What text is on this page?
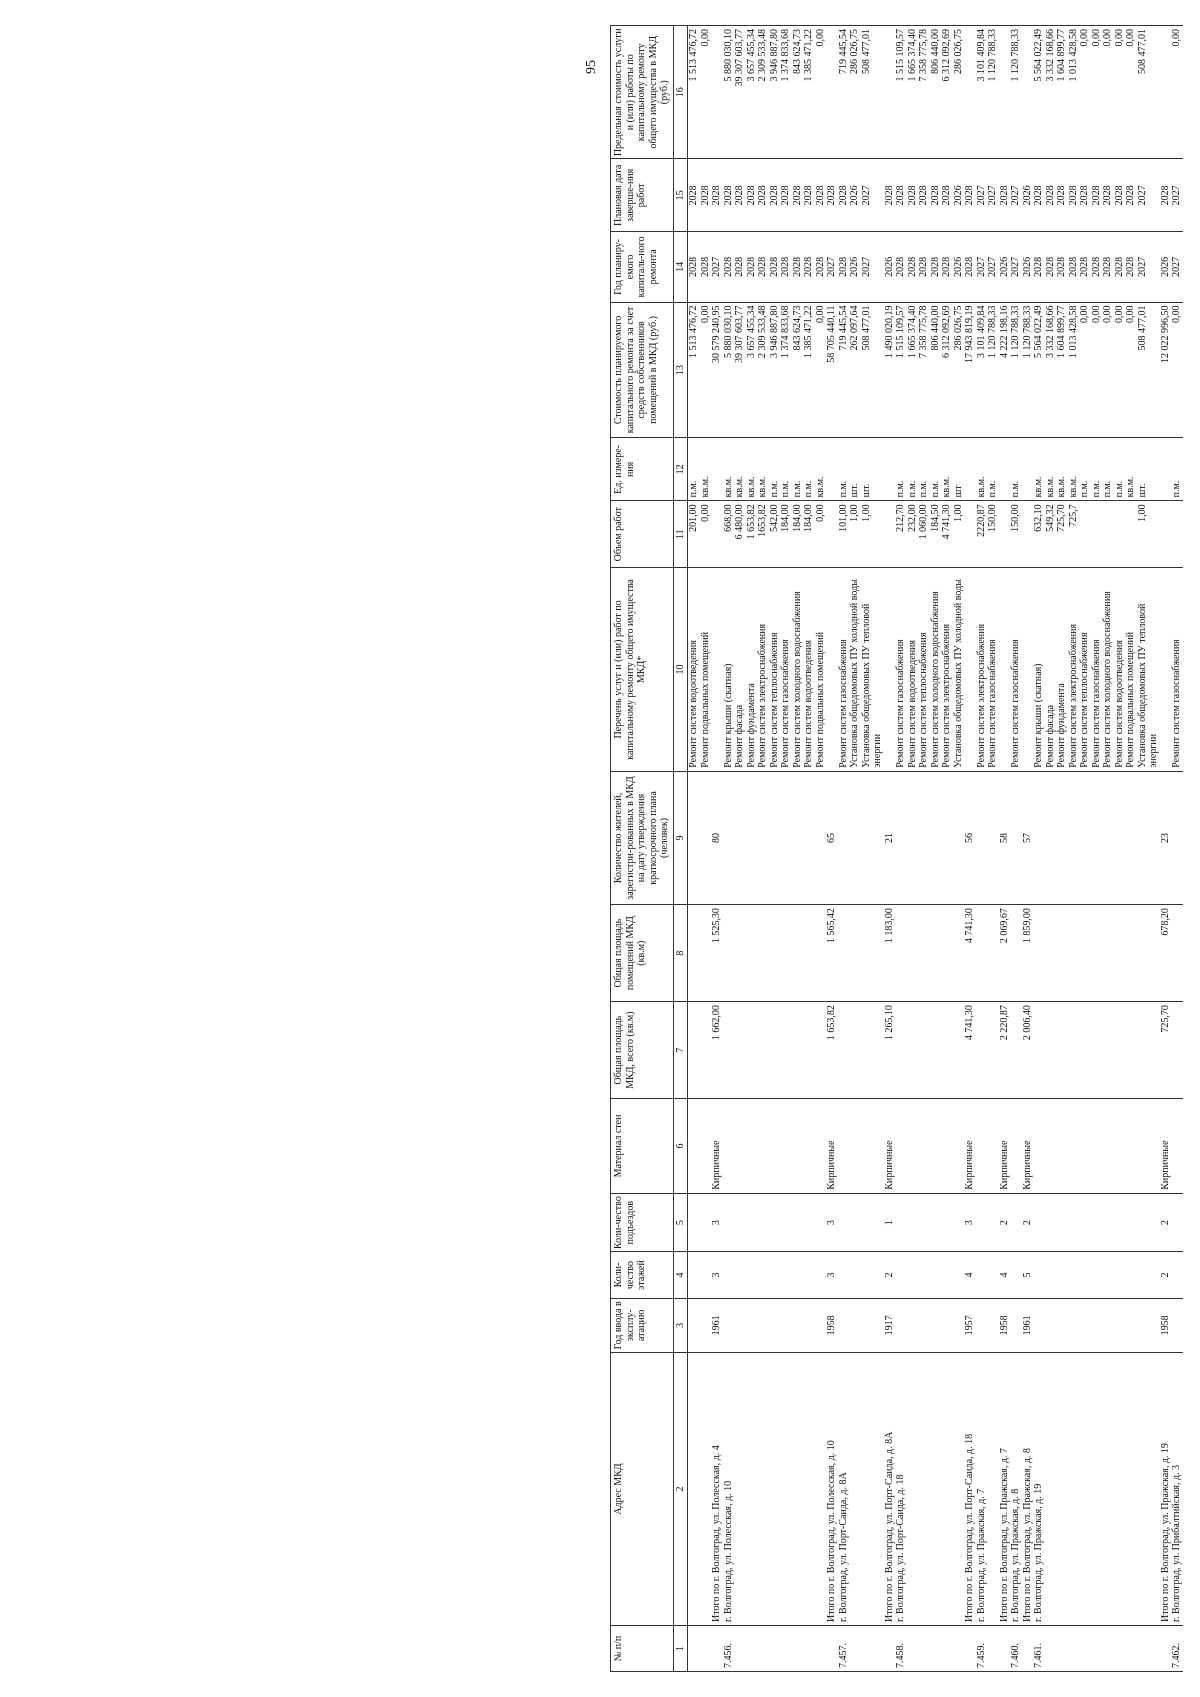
95
№ п/п	Адрес МКД	Год ввода в эксплу-атацию	Коли-чество этажей	Коли-чество подъездов	Материал стен	Общая площадь МКД, всего (кв.м)	Общая площадь помещений МКД (кв.м)	Количество жителей, зарегистри-рованных в МКД на дату утверждения краткосрочного плана (человек)	Перечень услуг и (или) работ по капитальному ремонту общего имущества МКД*	Объем работ	Ед. измере-ния	Стоимость планируемого капитального ремонта за счет средств собственников помещений в МКД (руб.)	Год планиру-емого капиталь-ного ремонта	Плановая дата заверше-ния работ	Предельная стоимость услуги и (или) работы по капитальному ремонту общего имущества в МКД (руб.)
1	2	3	4	5	6	7	8	9	10	11	12	13	14	15	16
									Ремонт систем водоотведения	201,00	п.м.	1 513 476,72	2028	2028	1 513 476,72
									Ремонт подвальных помещений	0,00	кв.м.	0,00	2028	2028	0,00
	Итого по г. Волгоград, ул. Полесская, д. 4	1961	3	3	Кирпичные	1 662,00	1 525,30	80				30 579 240,95	2027	2028	
7.456.	г. Волгоград, ул. Полесская, д. 10								Ремонт крыши (скатная)	668,00	кв.м.	5 880 030,10	2028	2028	5 880 030,10
									Ремонт фасада	6 480,00	кв.м.	39 307 603,77	2028	2028	39 307 603,77
									Ремонт фундамента	1 653,82	кв.м.	3 657 455,34	2028	2028	3 657 455,34
									Ремонт систем электроснабжения	1653,82	кв.м.	2 309 533,48	2028	2028	2 309 533,48
									Ремонт систем теплоснабжения	542,00	п.м.	3 946 887,80	2028	2028	3 946 887,80
									Ремонт систем газоснабжения	184,00	п.м.	1 374 833,68	2028	2028	1 374 833,68
									Ремонт систем холодного водоснабжения	184,00	п.м.	843 624,73	2028	2028	843 624,73
									Ремонт систем водоотведения	184,00	п.м.	1 385 471,22	2028	2028	1 385 471,22
									Ремонт подвальных помещений	0,00	кв.м.	0,00	2028	2028	0,00
	Итого по г. Волгоград, ул. Полесская, д. 10	1958	3	3	Кирпичные	1 653,82	1 565,42	65				58 705 440,11	2027	2028	
7.457.	г. Волгоград, ул. Порт-Саида, д. 8А								Ремонт систем газоснабжения	101,00	п.м.	719 445,54	2028	2028	719 445,54
									Установка общедомовых ПУ холодной воды	1,00	шт.	262 097,64	2026	2026	286 026,75
									Установка общедомовых ПУ тепловой энергии	1,00	шт.	508 477,01	2027	2027	508 477,01
	Итого по г. Волгоград, ул. Порт-Саида, д. 8А	1917	2	1	Кирпичные	1 265,10	1 183,00	21				1 490 020,19	2026	2028	
7.458.	г. Волгоград, ул. Порт-Саида, д. 18								Ремонт систем газоснабжения	212,70	п.м.	1 515 109,57	2028	2028	1 515 109,57
									Ремонт систем водоотведения	232,00	п.м.	1 665 374,40	2028	2028	1 665 374,40
									Ремонт систем теплоснабжения	1 060,00	п.м.	7 358 775,78	2028	2028	7 358 775,78
									Ремонт систем холодного водоснабжения	184,50	п.м.	806 440,00	2028	2028	806 440,00
									Ремонт систем электроснабжения	4 741,30	кв.м.	6 312 092,69	2028	2028	6 312 092,69
									Установка общедомовых ПУ холодной воды	1,00	шт	286 026,75	2026	2026	286 026,75
	Итого по г. Волгоград, ул. Порт-Саида, д. 18	1957	4	3	Кирпичные	4 741,30	4 741,30	56				17 943 819,19	2028	2028	
7.459.	г. Волгоград, ул. Пражская, д. 7								Ремонт систем электроснабжения	2220,87	кв.м.	3 101 409,84	2027	2027	3 101 409,84
									Ремонт систем газоснабжения	150,00	п.м.	1 120 788,33	2027	2027	1 120 788,33
	Итого по г. Волгоград, ул. Пражская, д. 7	1958	4	2	Кирпичные	2 220,87	2 069,67	58				4 222 198,16	2026	2028	
7.460.	г. Волгоград, ул. Пражская, д. 8								Ремонт систем газоснабжения	150,00	п.м.	1 120 788,33	2027	2027	1 120 788,33
	Итого по г. Волгоград, ул. Пражская, д. 8	1961	5	2	Кирпичные	2 006,40	1 859,00	57				1 120 788,33	2026	2026	
7.461.	г. Волгоград, ул. Пражская, д. 19								Ремонт крыши (скатная)	632,10	кв.м.	5 564 022,49	2028	2028	5 564 022,49
									Ремонт фасада	549,32	кв.м.	3 332 168,66	2028	2028	3 332 168,66
									Ремонт фундамента	725,70	кв.м.	1 604 899,77	2028	2028	1 604 899,77
									Ремонт систем электроснабжения	725,7	кв.м.	1 013 428,58	2028	2028	1 013 428,58
									Ремонт систем теплоснабжения		п.м.	0,00	2028	2028	0,00
									Ремонт систем газоснабжения		п.м.	0,00	2028	2028	0,00
									Ремонт систем холодного водоснабжения		п.м.	0,00	2028	2028	0,00
									Ремонт систем водоотведения		п.м.	0,00	2028	2028	0,00
									Ремонт подвальных помещений		кв.м.	0,00	2028	2028	0,00
									Установка общедомовых ПУ тепловой энергии	1,00	шт.	508 477,01	2027	2027	508 477,01
	Итого по г. Волгоград, ул. Пражская, д. 19	1958	2	2	Кирпичные	725,70	678,20	23				12 022 996,50	2026	2028	
7.462.	г. Волгоград, ул. Прибалтийская, д. 3								Ремонт систем газоснабжения		п.м.	0,00	2027	2027	0,00
